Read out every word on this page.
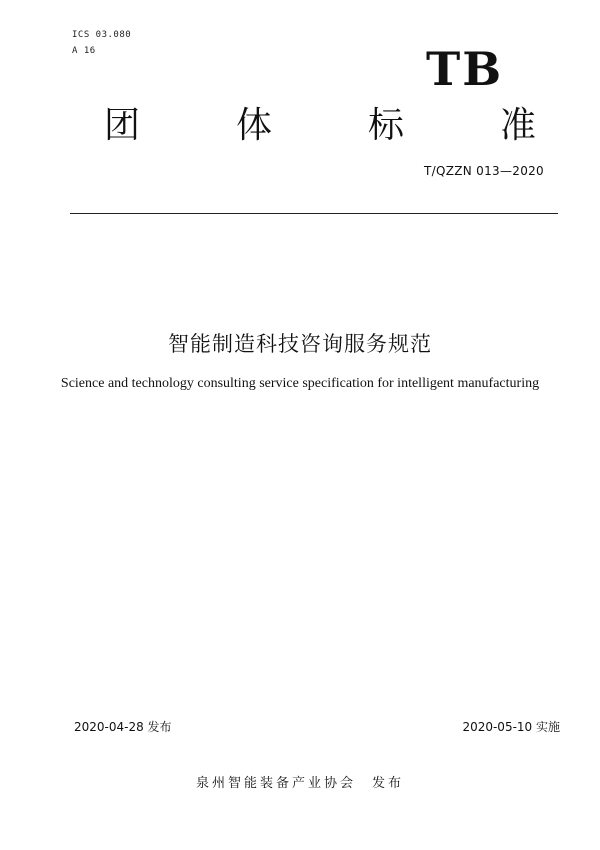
ICS 03.080
A 16	TB
团	体	标	准
T/QZZN 013—2020
智能制造科技咨询服务规范
Science and technology consulting service specification for intelligent manufacturing
2020-04-28 发布	2020-05-10 实施
泉州智能装备产业协会　发布
